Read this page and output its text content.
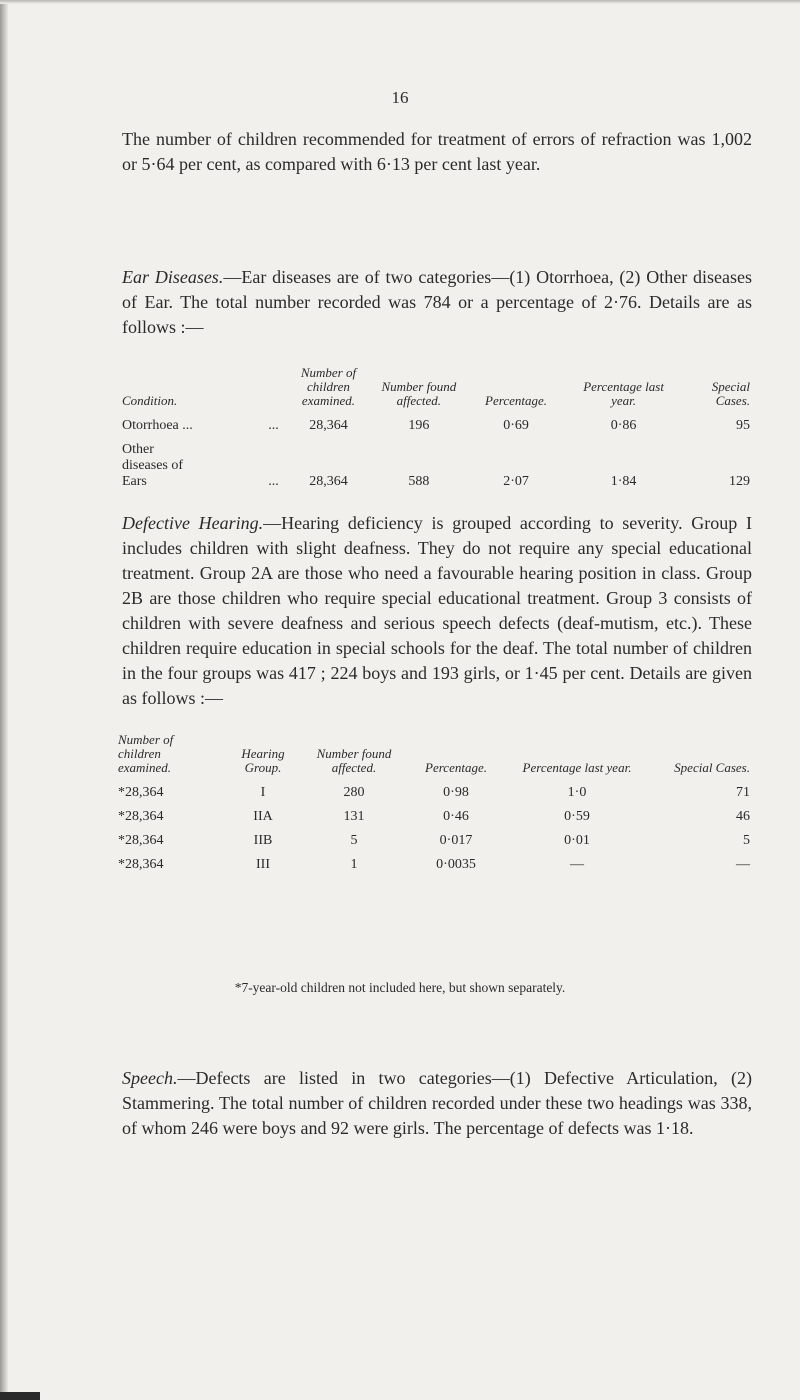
16

The number of children recommended for treatment of errors of refraction was 1,002 or 5·64 per cent, as compared with 6·13 per cent last year.

Ear Diseases.—Ear diseases are of two categories—(1) Otorrhoea, (2) Other diseases of Ear. The total number recorded was 784 or a percentage of 2·76. Details are as follows :—

Condition.		Number of children examined.	Number found affected.	Percentage.	Percentage last year.	Special Cases.
Otorrhoea ...	...	28,364	196	0·69	0·86	95
Other diseases of Ears	...	28,364	588	2·07	1·84	129

Defective Hearing.—Hearing deficiency is grouped according to severity. Group I includes children with slight deafness. They do not require any special educational treatment. Group 2A are those who need a favourable hearing position in class. Group 2B are those children who require special educational treatment. Group 3 consists of children with severe deafness and serious speech defects (deaf-mutism, etc.). These children require education in special schools for the deaf. The total number of children in the four groups was 417 ; 224 boys and 193 girls, or 1·45 per cent. Details are given as follows :—

Number of children examined.	Hearing Group.	Number found affected.	Percentage.	Percentage last year.	Special Cases.
*28,364	I	280	0·98	1·0	71
*28,364	IIA	131	0·46	0·59	46
*28,364	IIB	5	0·017	0·01	5
*28,364	III	1	0·0035	—	—
*7-year-old children not included here, but shown separately.

Speech.—Defects are listed in two categories—(1) Defective Articulation, (2) Stammering. The total number of children recorded under these two headings was 338, of whom 246 were boys and 92 were girls. The percentage of defects was 1·18.
